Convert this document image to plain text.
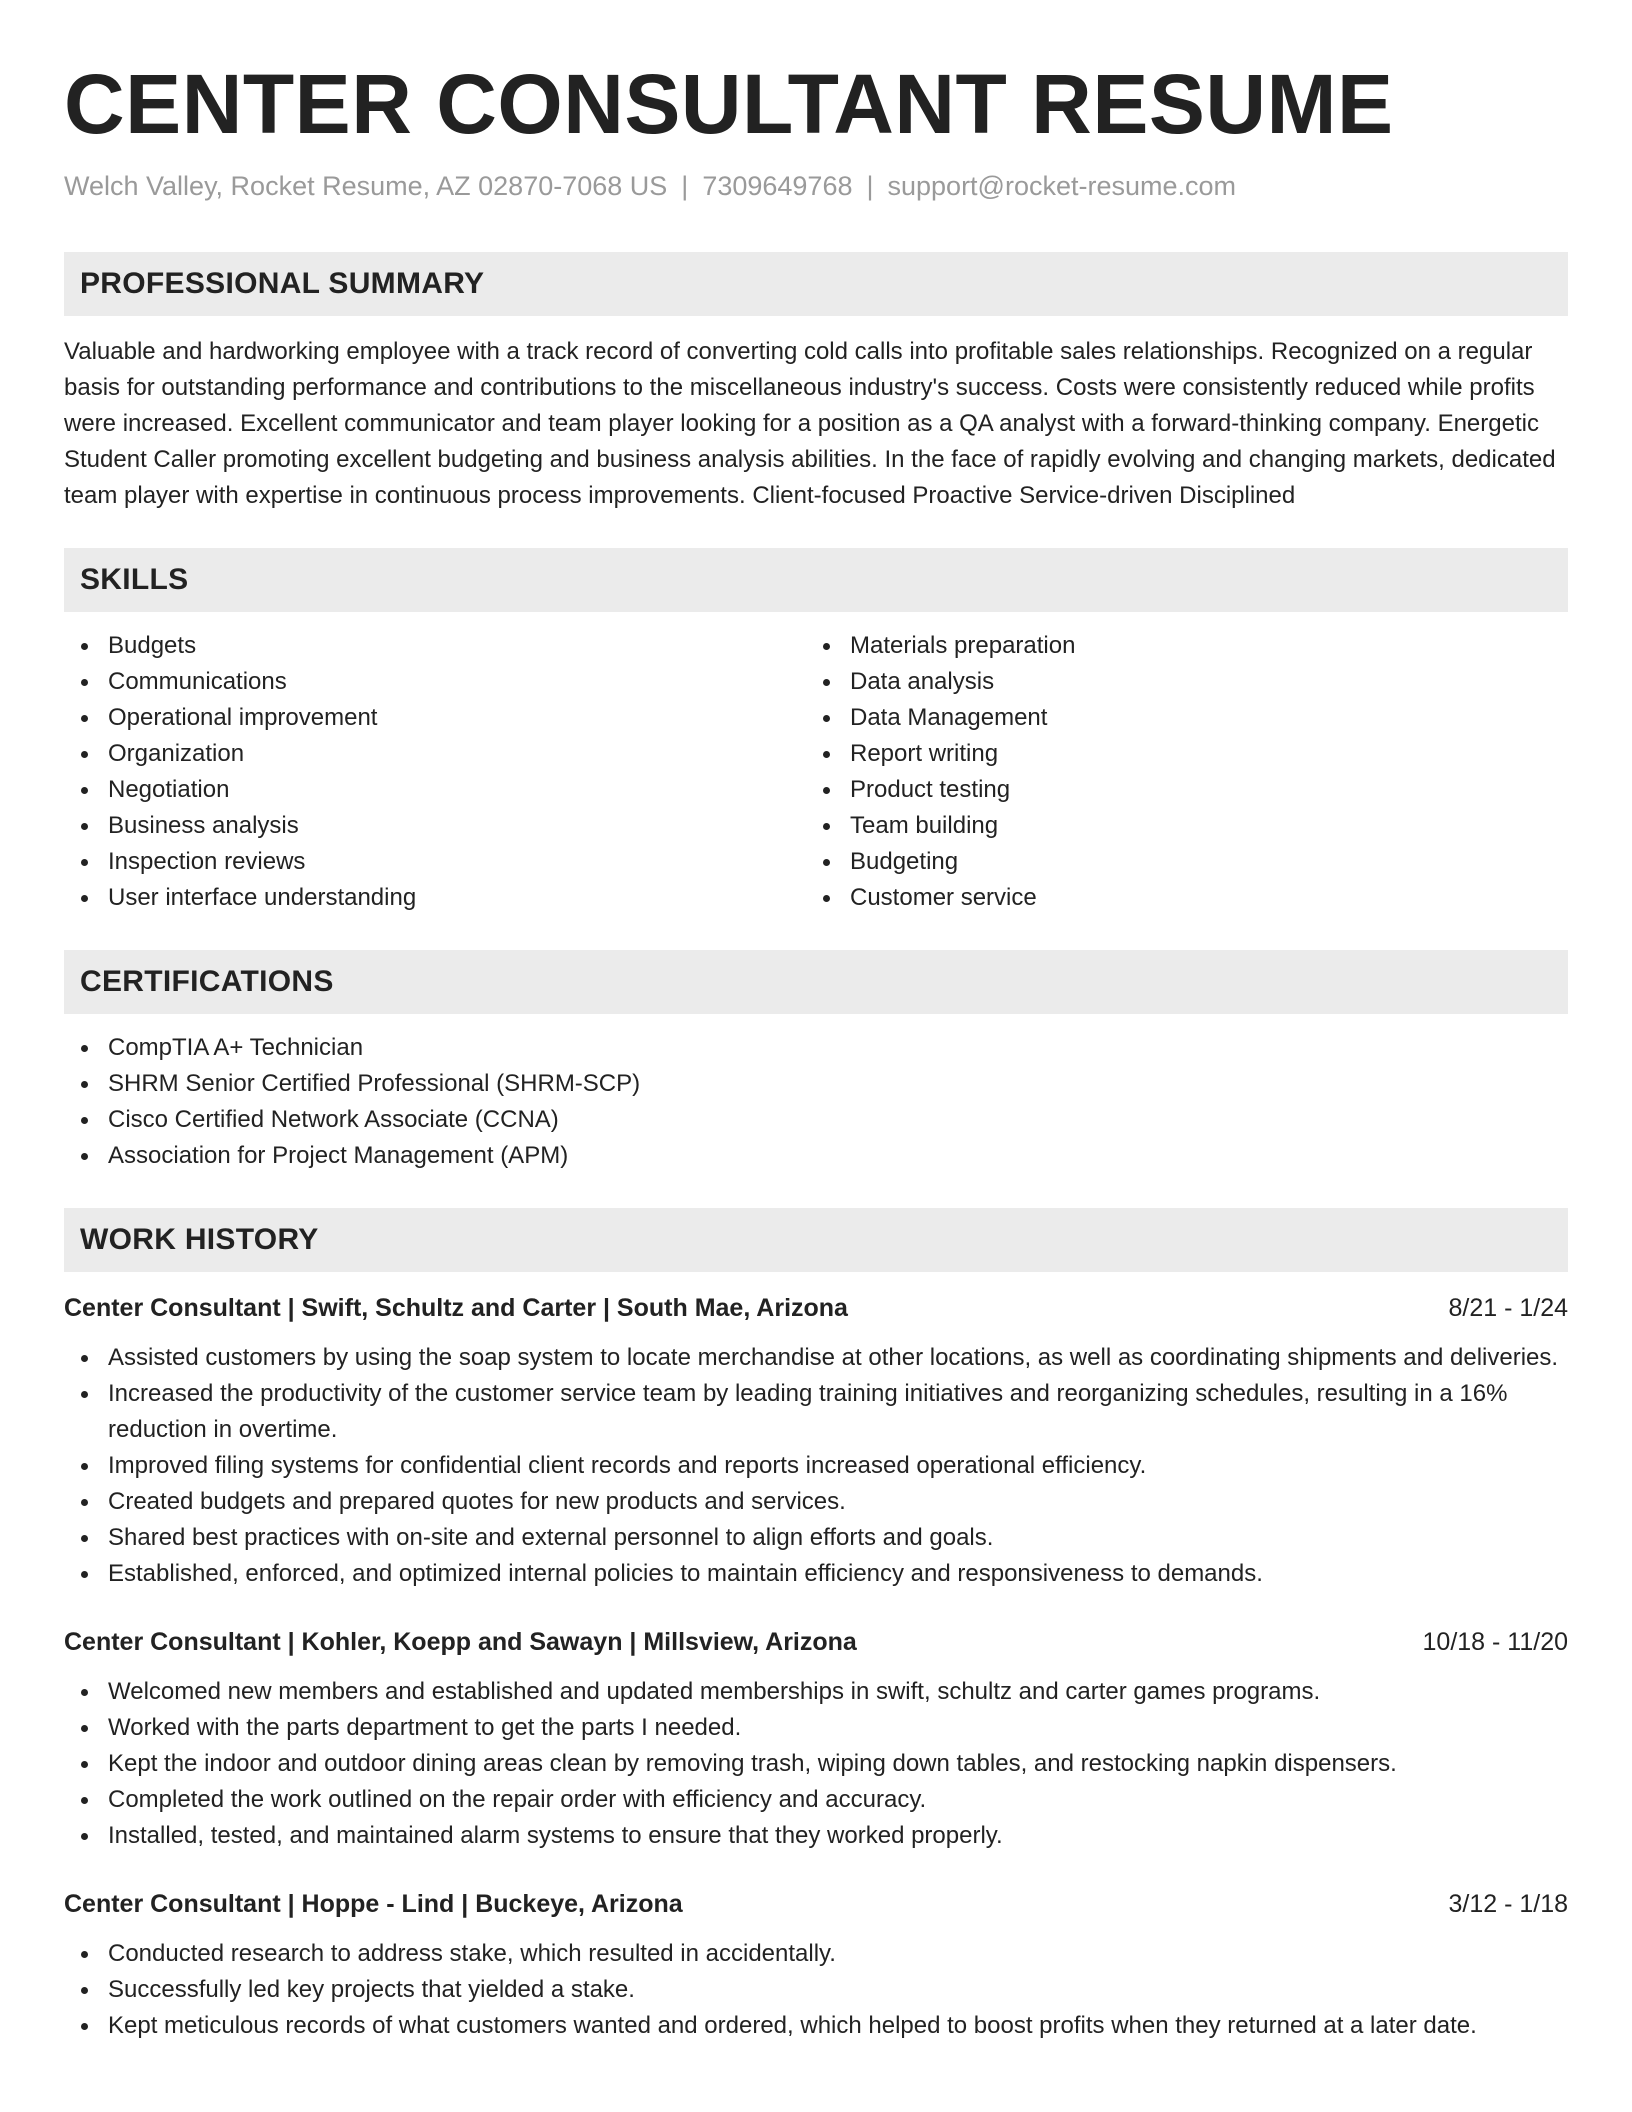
CENTER CONSULTANT RESUME
Welch Valley, Rocket Resume, AZ 02870-7068 US | 7309649768 | support@rocket-resume.com
PROFESSIONAL SUMMARY

Valuable and hardworking employee with a track record of converting cold calls into profitable sales relationships. Recognized on a regular basis for outstanding performance and contributions to the miscellaneous industry's success. Costs were consistently reduced while profits were increased. Excellent communicator and team player looking for a position as a QA analyst with a forward-thinking company. Energetic Student Caller promoting excellent budgeting and business analysis abilities. In the face of rapidly evolving and changing markets, dedicated team player with expertise in continuous process improvements. Client-focused Proactive Service-driven Disciplined

SKILLS
Budgets
Communications
Operational improvement
Organization
Negotiation
Business analysis
Inspection reviews
User interface understanding
Materials preparation
Data analysis
Data Management
Report writing
Product testing
Team building
Budgeting
Customer service
CERTIFICATIONS
CompTIA A+ Technician
SHRM Senior Certified Professional (SHRM-SCP)
Cisco Certified Network Associate (CCNA)
Association for Project Management (APM)
WORK HISTORY
Center Consultant | Swift, Schultz and Carter | South Mae, Arizona	8/21 - 1/24
Assisted customers by using the soap system to locate merchandise at other locations, as well as coordinating shipments and deliveries.
Increased the productivity of the customer service team by leading training initiatives and reorganizing schedules, resulting in a 16% reduction in overtime.
Improved filing systems for confidential client records and reports increased operational efficiency.
Created budgets and prepared quotes for new products and services.
Shared best practices with on-site and external personnel to align efforts and goals.
Established, enforced, and optimized internal policies to maintain efficiency and responsiveness to demands.
Center Consultant | Kohler, Koepp and Sawayn | Millsview, Arizona	10/18 - 11/20
Welcomed new members and established and updated memberships in swift, schultz and carter games programs.
Worked with the parts department to get the parts I needed.
Kept the indoor and outdoor dining areas clean by removing trash, wiping down tables, and restocking napkin dispensers.
Completed the work outlined on the repair order with efficiency and accuracy.
Installed, tested, and maintained alarm systems to ensure that they worked properly.
Center Consultant | Hoppe - Lind | Buckeye, Arizona	3/12 - 1/18
Conducted research to address stake, which resulted in accidentally.
Successfully led key projects that yielded a stake.
Kept meticulous records of what customers wanted and ordered, which helped to boost profits when they returned at a later date.
